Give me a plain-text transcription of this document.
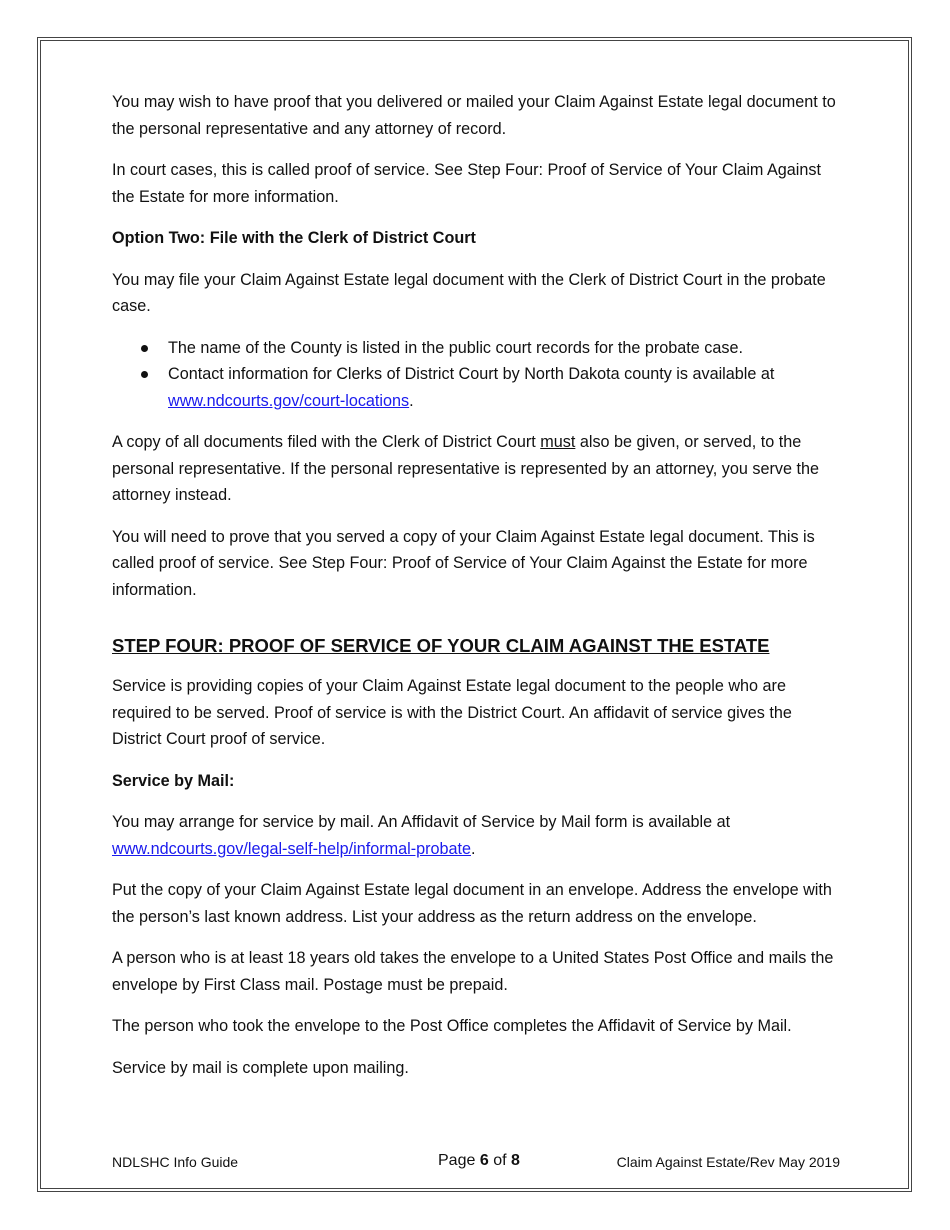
You may wish to have proof that you delivered or mailed your Claim Against Estate legal document to the personal representative and any attorney of record.

In court cases, this is called proof of service. See Step Four: Proof of Service of Your Claim Against the Estate for more information.

Option Two: File with the Clerk of District Court

You may file your Claim Against Estate legal document with the Clerk of District Court in the probate case.

The name of the County is listed in the public court records for the probate case.
Contact information for Clerks of District Court by North Dakota county is available at www.ndcourts.gov/court-locations.

A copy of all documents filed with the Clerk of District Court must also be given, or served, to the personal representative. If the personal representative is represented by an attorney, you serve the attorney instead.

You will need to prove that you served a copy of your Claim Against Estate legal document. This is called proof of service. See Step Four: Proof of Service of Your Claim Against the Estate for more information.

STEP FOUR: PROOF OF SERVICE OF YOUR CLAIM AGAINST THE ESTATE

Service is providing copies of your Claim Against Estate legal document to the people who are required to be served. Proof of service is with the District Court. An affidavit of service gives the District Court proof of service.

Service by Mail:

You may arrange for service by mail. An Affidavit of Service by Mail form is available at www.ndcourts.gov/legal-self-help/informal-probate.

Put the copy of your Claim Against Estate legal document in an envelope. Address the envelope with the person’s last known address. List your address as the return address on the envelope.

A person who is at least 18 years old takes the envelope to a United States Post Office and mails the envelope by First Class mail. Postage must be prepaid.

The person who took the envelope to the Post Office completes the Affidavit of Service by Mail.

Service by mail is complete upon mailing.

NDLSHC Info Guide	Page 6 of 8	Claim Against Estate/Rev May 2019
